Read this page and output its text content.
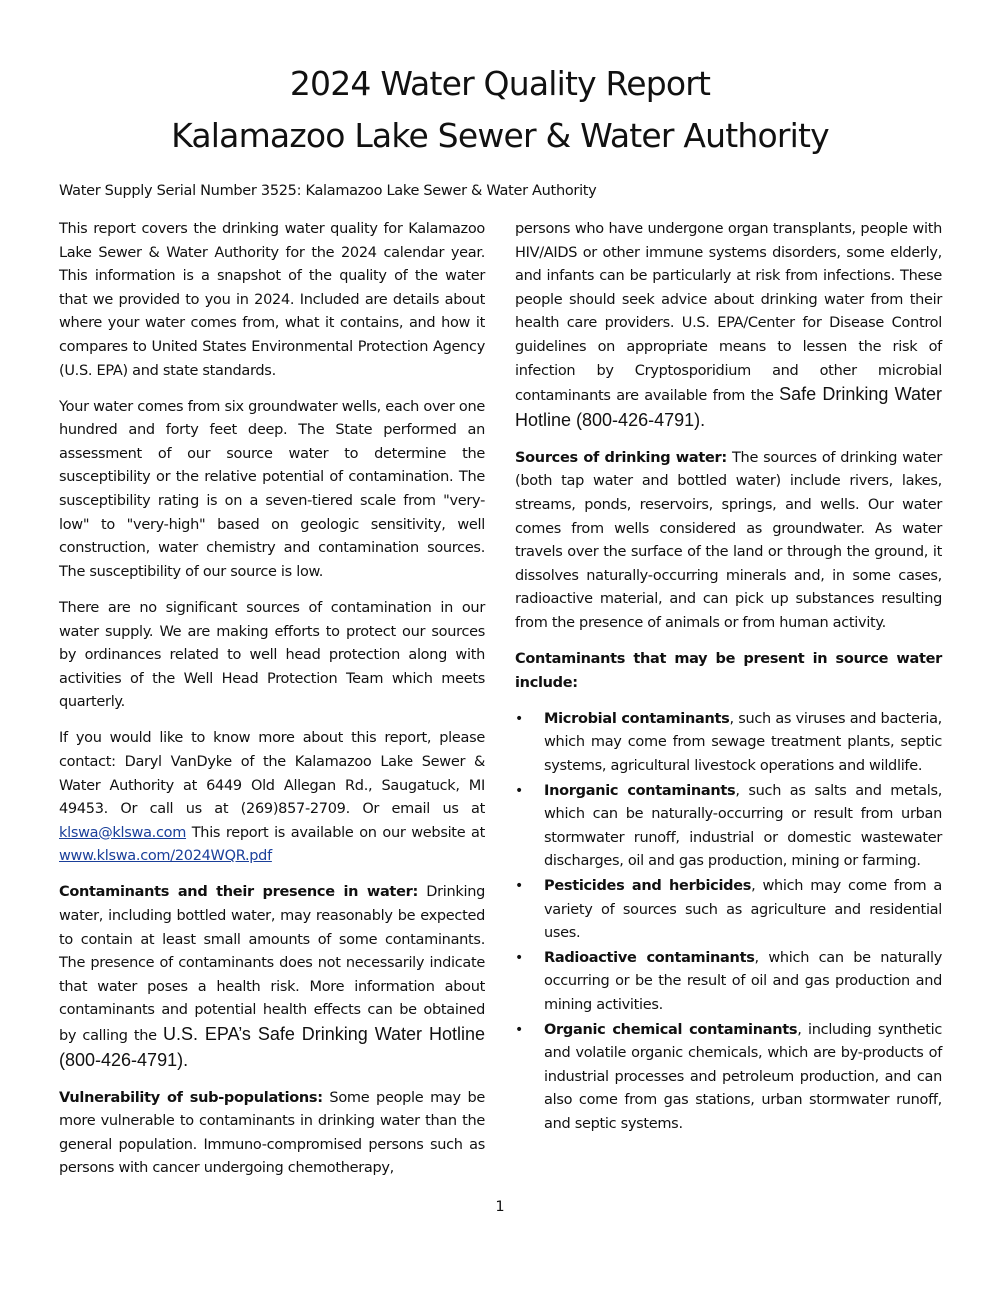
2024 Water Quality Report
Kalamazoo Lake Sewer & Water Authority
Water Supply Serial Number 3525: Kalamazoo Lake Sewer & Water Authority

This report covers the drinking water quality for Kalamazoo Lake Sewer & Water Authority for the 2024 calendar year. This information is a snapshot of the quality of the water that we provided to you in 2024. Included are details about where your water comes from, what it contains, and how it compares to United States Environmental Protection Agency (U.S. EPA) and state standards.

Your water comes from six groundwater wells, each over one hundred and forty feet deep. The State performed an assessment of our source water to determine the susceptibility or the relative potential of contamination. The susceptibility rating is on a seven-tiered scale from "very-low" to "very-high" based on geologic sensitivity, well construction, water chemistry and contamination sources. The susceptibility of our source is low.

There are no significant sources of contamination in our water supply. We are making efforts to protect our sources by ordinances related to well head protection along with activities of the Well Head Protection Team which meets quarterly.

If you would like to know more about this report, please contact: Daryl VanDyke of the Kalamazoo Lake Sewer & Water Authority at 6449 Old Allegan Rd., Saugatuck, MI 49453. Or call us at (269)857-2709. Or email us at klswa@klswa.com This report is available on our website at www.klswa.com/2024WQR.pdf

Contaminants and their presence in water: Drinking water, including bottled water, may reasonably be expected to contain at least small amounts of some contaminants. The presence of contaminants does not necessarily indicate that water poses a health risk. More information about contaminants and potential health effects can be obtained by calling the U.S. EPA’s Safe Drinking Water Hotline (800-426-4791).

Vulnerability of sub-populations: Some people may be more vulnerable to contaminants in drinking water than the general population. Immuno-compromised persons such as persons with cancer undergoing chemotherapy,

persons who have undergone organ transplants, people with HIV/AIDS or other immune systems disorders, some elderly, and infants can be particularly at risk from infections. These people should seek advice about drinking water from their health care providers. U.S. EPA/Center for Disease Control guidelines on appropriate means to lessen the risk of infection by Cryptosporidium and other microbial contaminants are available from the Safe Drinking Water Hotline (800-426-4791).

Sources of drinking water: The sources of drinking water (both tap water and bottled water) include rivers, lakes, streams, ponds, reservoirs, springs, and wells. Our water comes from wells considered as groundwater. As water travels over the surface of the land or through the ground, it dissolves naturally-occurring minerals and, in some cases, radioactive material, and can pick up substances resulting from the presence of animals or from human activity.

Contaminants that may be present in source water include:

• Microbial contaminants, such as viruses and bacteria, which may come from sewage treatment plants, septic systems, agricultural livestock operations and wildlife.
• Inorganic contaminants, such as salts and metals, which can be naturally-occurring or result from urban stormwater runoff, industrial or domestic wastewater discharges, oil and gas production, mining or farming.
• Pesticides and herbicides, which may come from a variety of sources such as agriculture and residential uses.
• Radioactive contaminants, which can be naturally occurring or be the result of oil and gas production and mining activities.
• Organic chemical contaminants, including synthetic and volatile organic chemicals, which are by-products of industrial processes and petroleum production, and can also come from gas stations, urban stormwater runoff, and septic systems.
1
